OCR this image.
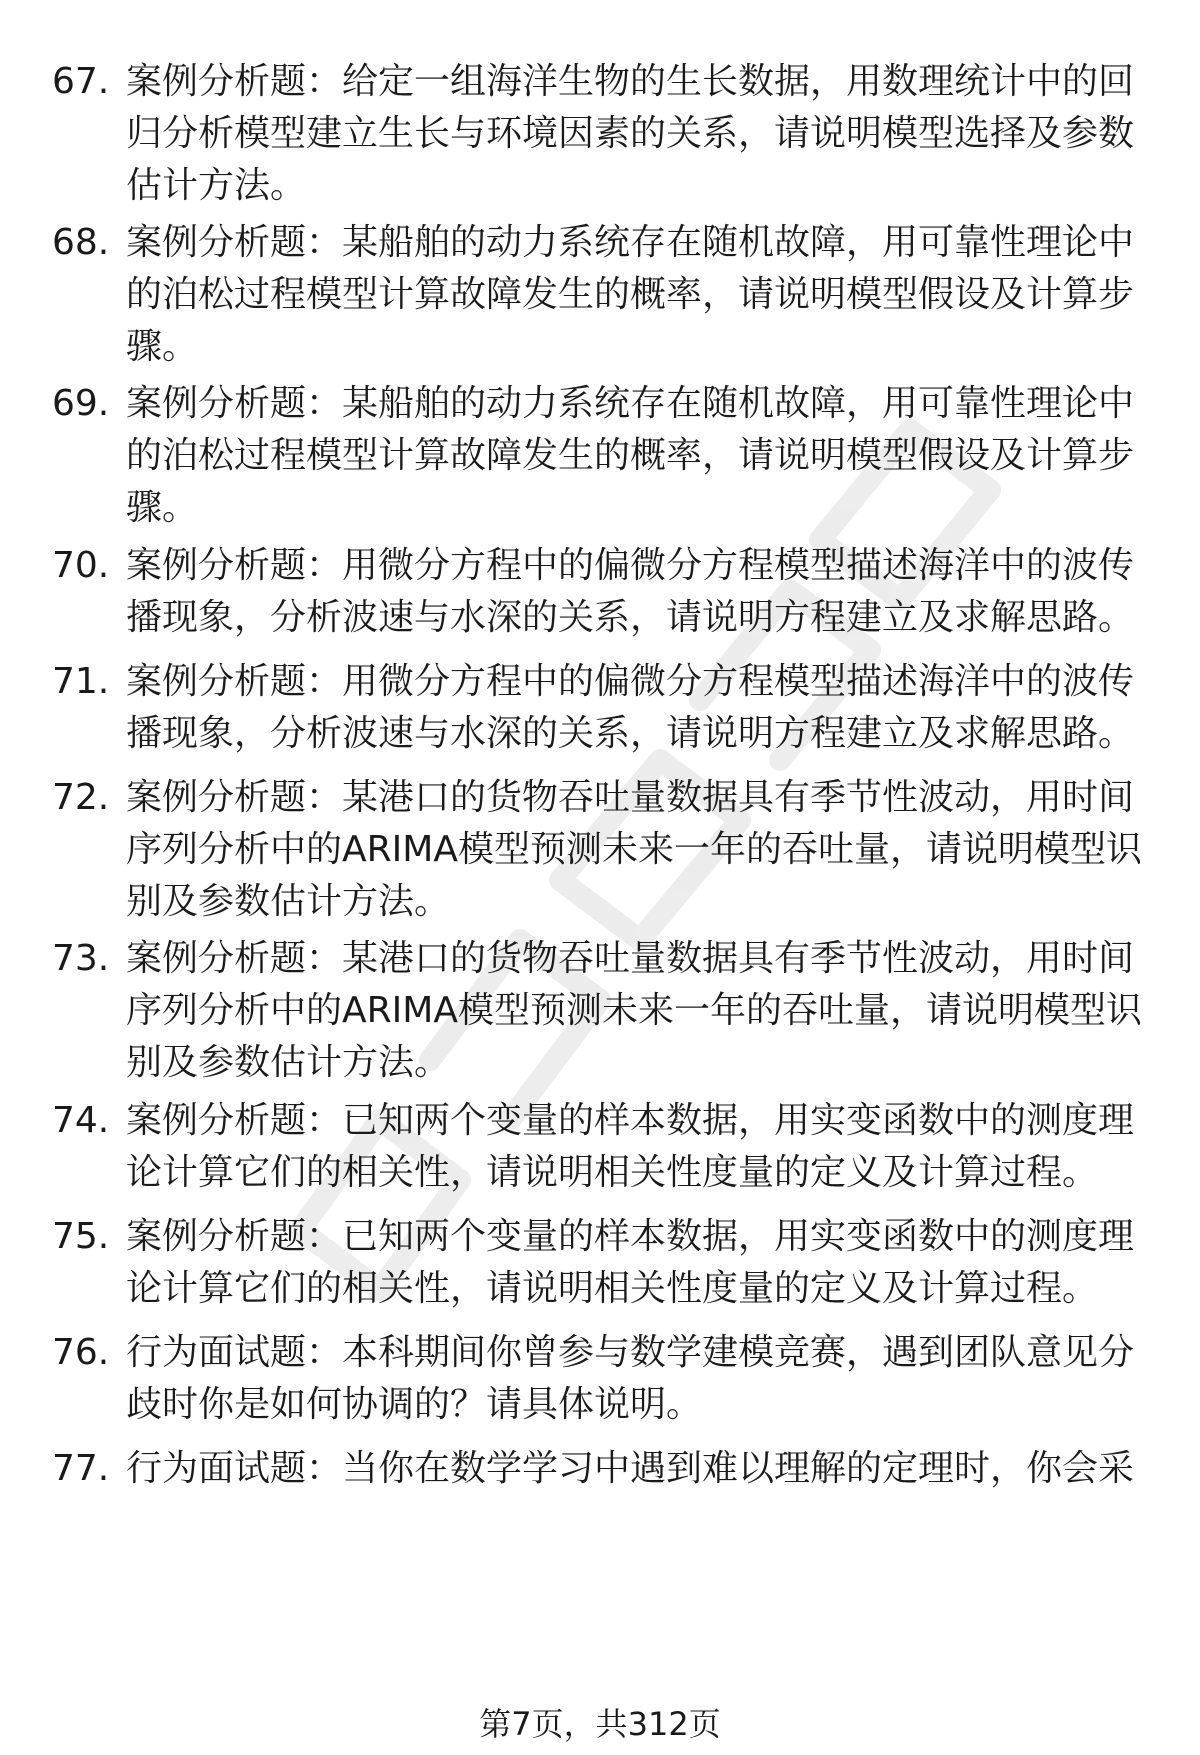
67. 案例分析题：给定一组海洋生物的生长数据，用数理统计中的回
归分析模型建立生长与环境因素的关系，请说明模型选择及参数
估计方法。
68. 案例分析题：某船舶的动力系统存在随机故障，用可靠性理论中
的泊松过程模型计算故障发生的概率，请说明模型假设及计算步
骤。
69. 案例分析题：某船舶的动力系统存在随机故障，用可靠性理论中
的泊松过程模型计算故障发生的概率，请说明模型假设及计算步
骤。
70. 案例分析题：用微分方程中的偏微分方程模型描述海洋中的波传
播现象，分析波速与水深的关系，请说明方程建立及求解思路。
71. 案例分析题：用微分方程中的偏微分方程模型描述海洋中的波传
播现象，分析波速与水深的关系，请说明方程建立及求解思路。
72. 案例分析题：某港口的货物吞吐量数据具有季节性波动，用时间
序列分析中的ARIMA模型预测未来一年的吞吐量，请说明模型识
别及参数估计方法。
73. 案例分析题：某港口的货物吞吐量数据具有季节性波动，用时间
序列分析中的ARIMA模型预测未来一年的吞吐量，请说明模型识
别及参数估计方法。
74. 案例分析题：已知两个变量的样本数据，用实变函数中的测度理
论计算它们的相关性，请说明相关性度量的定义及计算过程。
75. 案例分析题：已知两个变量的样本数据，用实变函数中的测度理
论计算它们的相关性，请说明相关性度量的定义及计算过程。
76. 行为面试题：本科期间你曾参与数学建模竞赛，遇到团队意见分
歧时你是如何协调的？请具体说明。
77. 行为面试题：当你在数学学习中遇到难以理解的定理时，你会采
第7页，共312页
